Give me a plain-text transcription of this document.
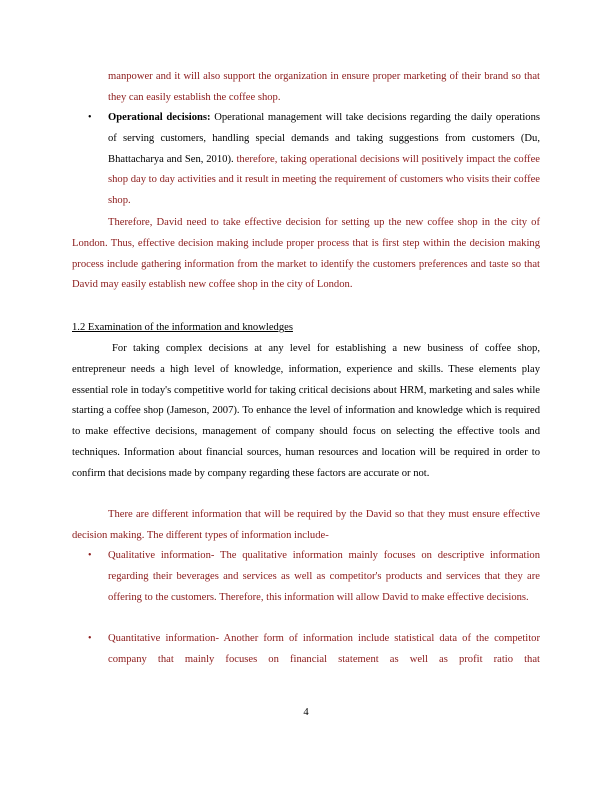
manpower and it will also support the organization in ensure proper marketing of their brand so that they can easily establish the coffee shop.

•	Operational decisions: Operational management will take decisions regarding the daily operations of serving customers, handling special demands and taking suggestions from customers (Du, Bhattacharya and Sen, 2010). therefore, taking operational decisions will positively impact the coffee shop day to day activities and it result in meeting the requirement of customers who visits their coffee shop.

Therefore, David need to take effective decision for setting up the new coffee shop in the city of London. Thus, effective decision making include proper process that is first step within the decision making process include gathering information from the market to identify the customers preferences and taste so that David may easily establish new coffee shop in the city of London.

1.2 Examination of the information and knowledges

For taking complex decisions at any level for establishing a new business of coffee shop, entrepreneur needs a high level of knowledge, information, experience and skills. These elements play essential role in today's competitive world for taking critical decisions about HRM, marketing and sales while starting a coffee shop (Jameson, 2007). To enhance the level of information and knowledge which is required to make effective decisions, management of company should focus on selecting the effective tools and techniques. Information about financial sources, human resources and location will be required in order to confirm that decisions made by company regarding these factors are accurate or not.

There are different information that will be required by the David so that they must ensure effective decision making. The different types of information include-

•	Qualitative information- The qualitative information mainly focuses on descriptive information regarding their beverages and services as well as competitor's products and services that they are offering to the customers. Therefore, this information will allow David to make effective decisions.

•	Quantitative information- Another form of information include statistical data of the competitor company that mainly focuses on financial statement as well as profit ratio that

4
